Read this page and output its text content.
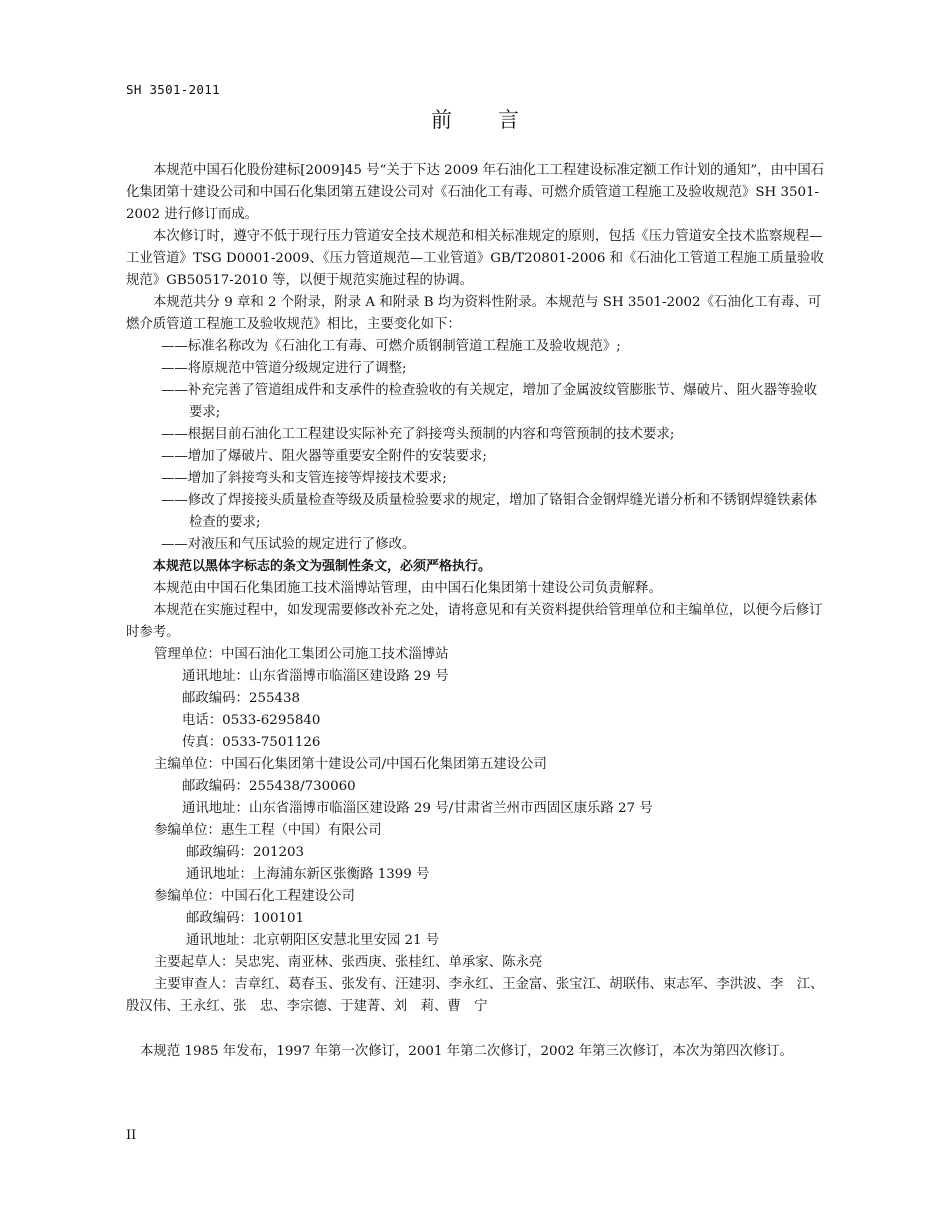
SH 3501-2011
前言

本规范中国石化股份建标[2009]45 号“关于下达 2009 年石油化工工程建设标准定额工作计划的通知”，由中国石化集团第十建设公司和中国石化集团第五建设公司对《石油化工有毒、可燃介质管道工程施工及验收规范》SH 3501-2002 进行修订而成。

本次修订时，遵守不低于现行压力管道安全技术规范和相关标准规定的原则，包括《压力管道安全技术监察规程—工业管道》TSG D0001-2009、《压力管道规范—工业管道》GB/T20801-2006 和《石油化工管道工程施工质量验收规范》GB50517-2010 等，以便于规范实施过程的协调。

本规范共分 9 章和 2 个附录，附录 A 和附录 B 均为资料性附录。本规范与 SH 3501-2002《石油化工有毒、可燃介质管道工程施工及验收规范》相比，主要变化如下：

——标准名称改为《石油化工有毒、可燃介质钢制管道工程施工及验收规范》;

——将原规范中管道分级规定进行了调整;

——补充完善了管道组成件和支承件的检查验收的有关规定，增加了金属波纹管膨胀节、爆破片、阻火器等验收要求;

——根据目前石油化工工程建设实际补充了斜接弯头预制的内容和弯管预制的技术要求;

——增加了爆破片、阻火器等重要安全附件的安装要求;

——增加了斜接弯头和支管连接等焊接技术要求;

——修改了焊接接头质量检查等级及质量检验要求的规定，增加了铬钼合金钢焊缝光谱分析和不锈钢焊缝铁素体检查的要求;

——对液压和气压试验的规定进行了修改。

本规范以黑体字标志的条文为强制性条文，必须严格执行。

本规范由中国石化集团施工技术淄博站管理，由中国石化集团第十建设公司负责解释。

本规范在实施过程中，如发现需要修改补充之处，请将意见和有关资料提供给管理单位和主编单位，以便今后修订时参考。

管理单位：中国石油化工集团公司施工技术淄博站

通讯地址：山东省淄博市临淄区建设路 29 号

邮政编码：255438

电话：0533-6295840

传真：0533-7501126

主编单位：中国石化集团第十建设公司/中国石化集团第五建设公司

邮政编码：255438/730060

通讯地址：山东省淄博市临淄区建设路 29 号/甘肃省兰州市西固区康乐路 27 号

参编单位：惠生工程（中国）有限公司

邮政编码：201203

通讯地址：上海浦东新区张衡路 1399 号

参编单位：中国石化工程建设公司

邮政编码：100101

通讯地址：北京朝阳区安慧北里安园 21 号

主要起草人：吴忠宪、南亚林、张西庚、张桂红、单承家、陈永亮

主要审查人：吉章红、葛春玉、张发有、汪建羽、李永红、王金富、张宝江、胡联伟、束志军、李洪波、李　江、殷汉伟、王永红、张　忠、李宗德、于建菁、刘　莉、曹　宁

本规范 1985 年发布，1997 年第一次修订，2001 年第二次修订，2002 年第三次修订，本次为第四次修订。

II
